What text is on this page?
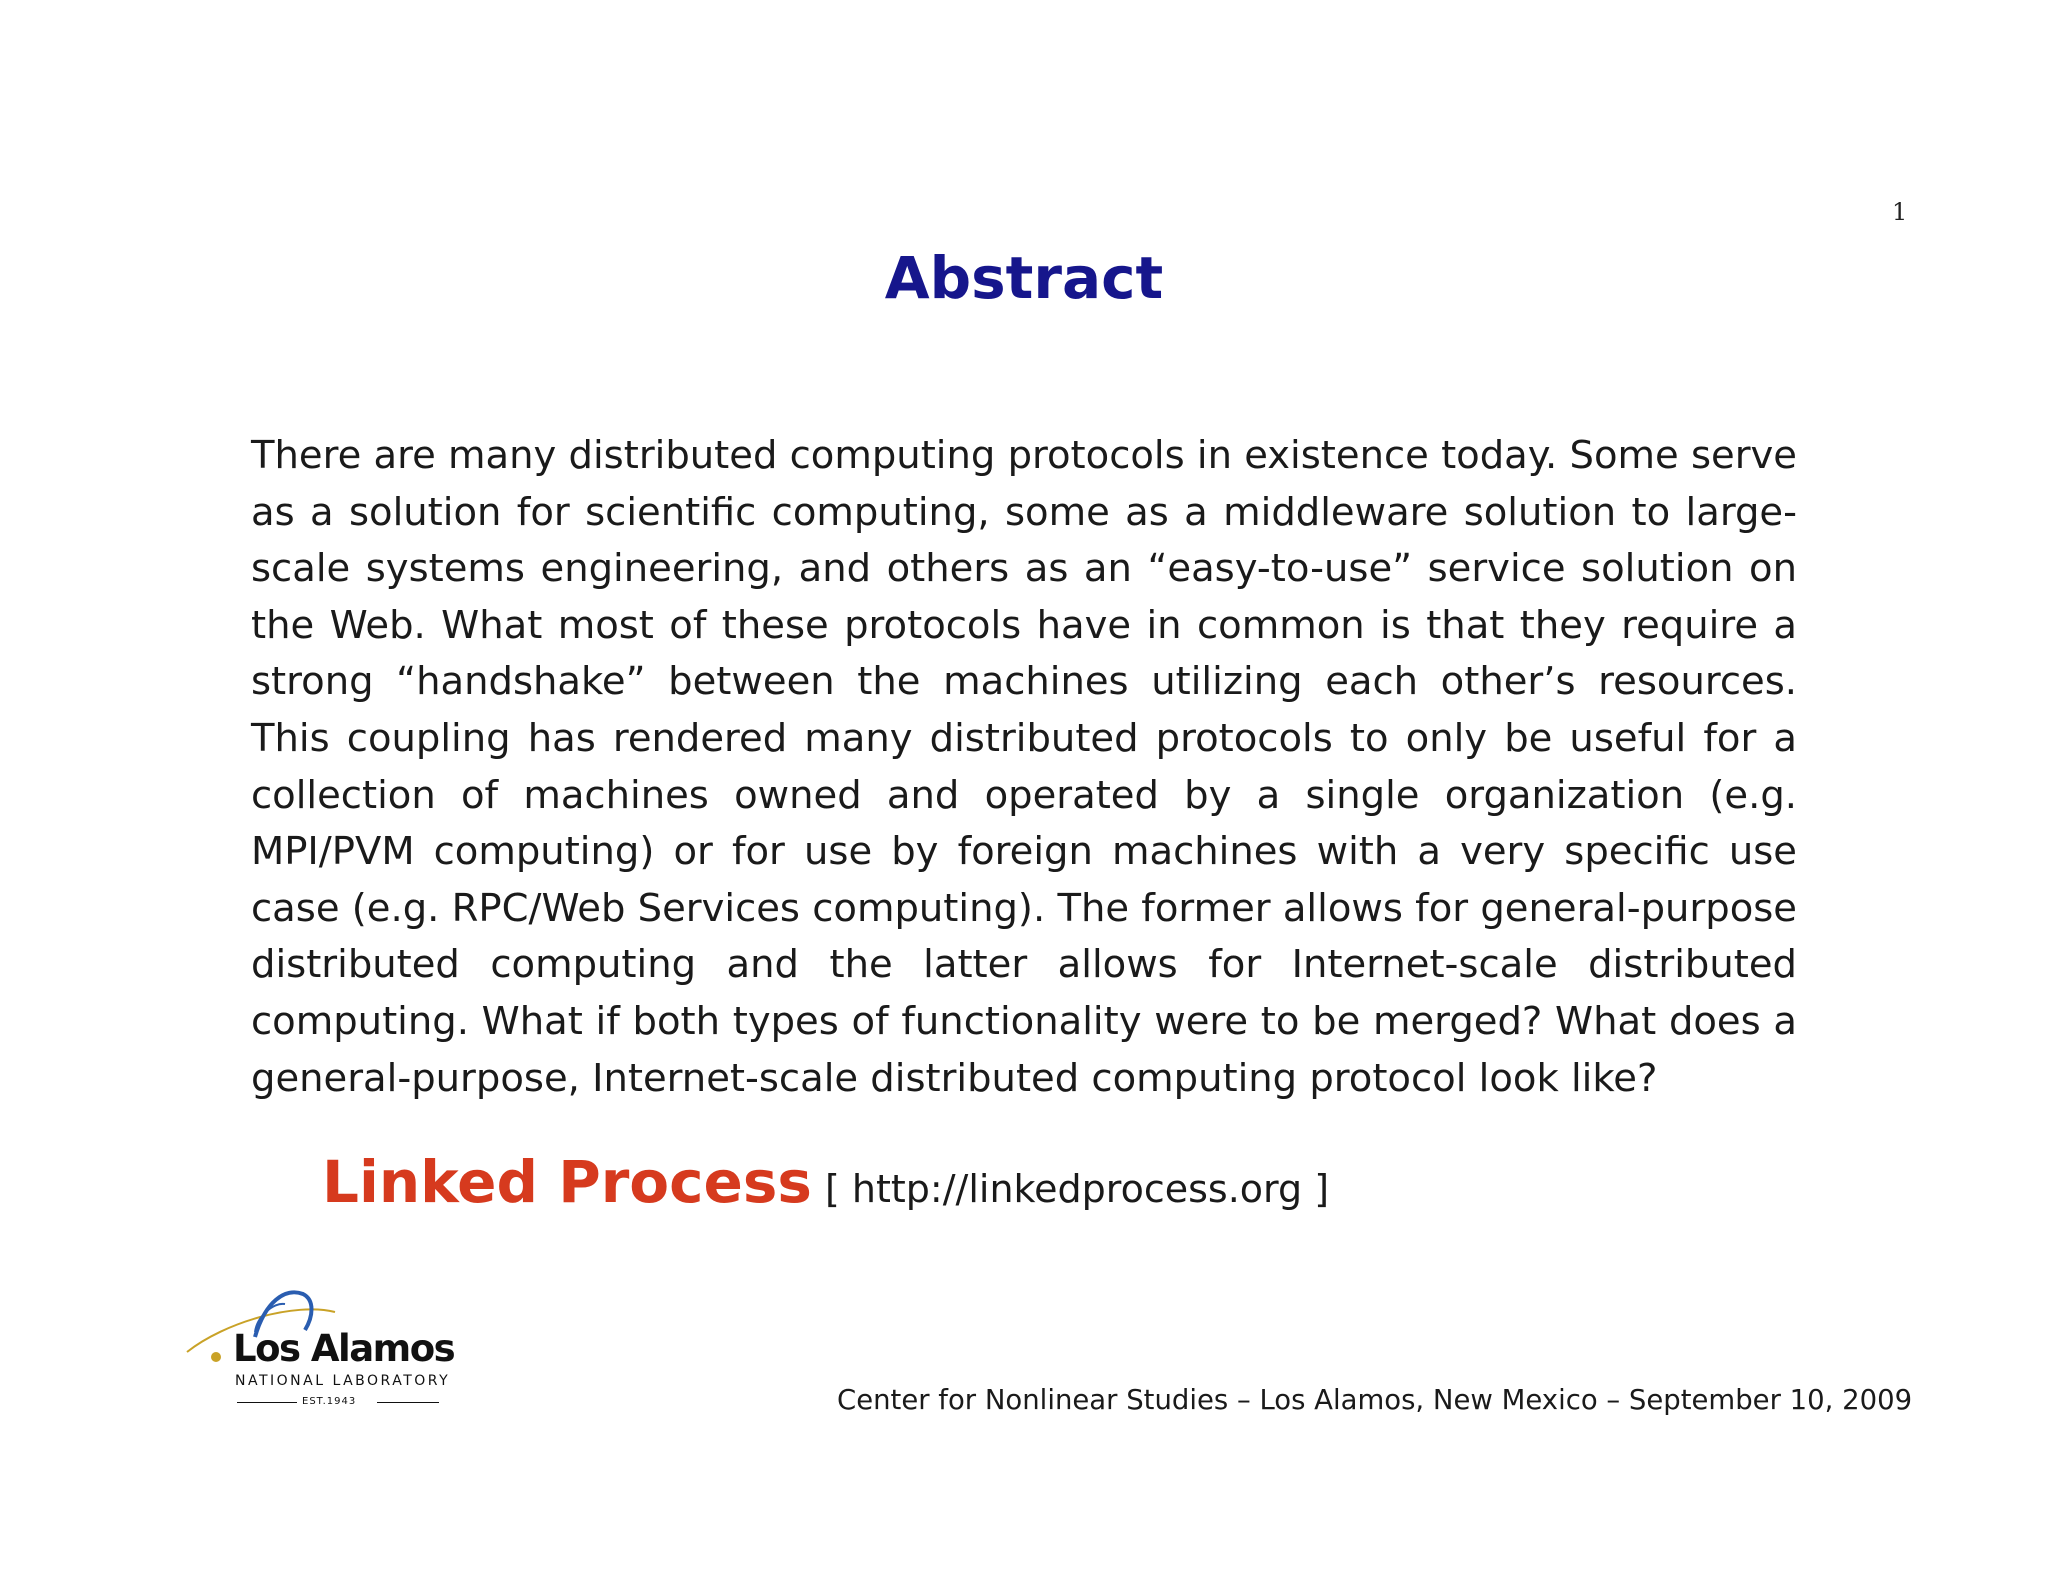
1
Abstract

There are many distributed computing protocols in existence today. Some serve as a solution for scientific computing, some as a middleware solution to large-scale systems engineering, and others as an “easy-to-use” service solution on the Web. What most of these protocols have in common is that they require a strong “handshake” between the machines utilizing each other’s resources. This coupling has rendered many distributed protocols to only be useful for a collection of machines owned and operated by a single organization (e.g. MPI/PVM computing) or for use by foreign machines with a very specific use case (e.g. RPC/Web Services computing). The former allows for general-purpose distributed computing and the latter allows for Internet-scale distributed computing. What if both types of functionality were to be merged? What does a general-purpose, Internet-scale distributed computing protocol look like?

Linked Process [ http://linkedprocess.org ]
Los Alamos
NATIONAL LABORATORY
EST.1943	Center for Nonlinear Studies – Los Alamos, New Mexico – September 10, 2009
